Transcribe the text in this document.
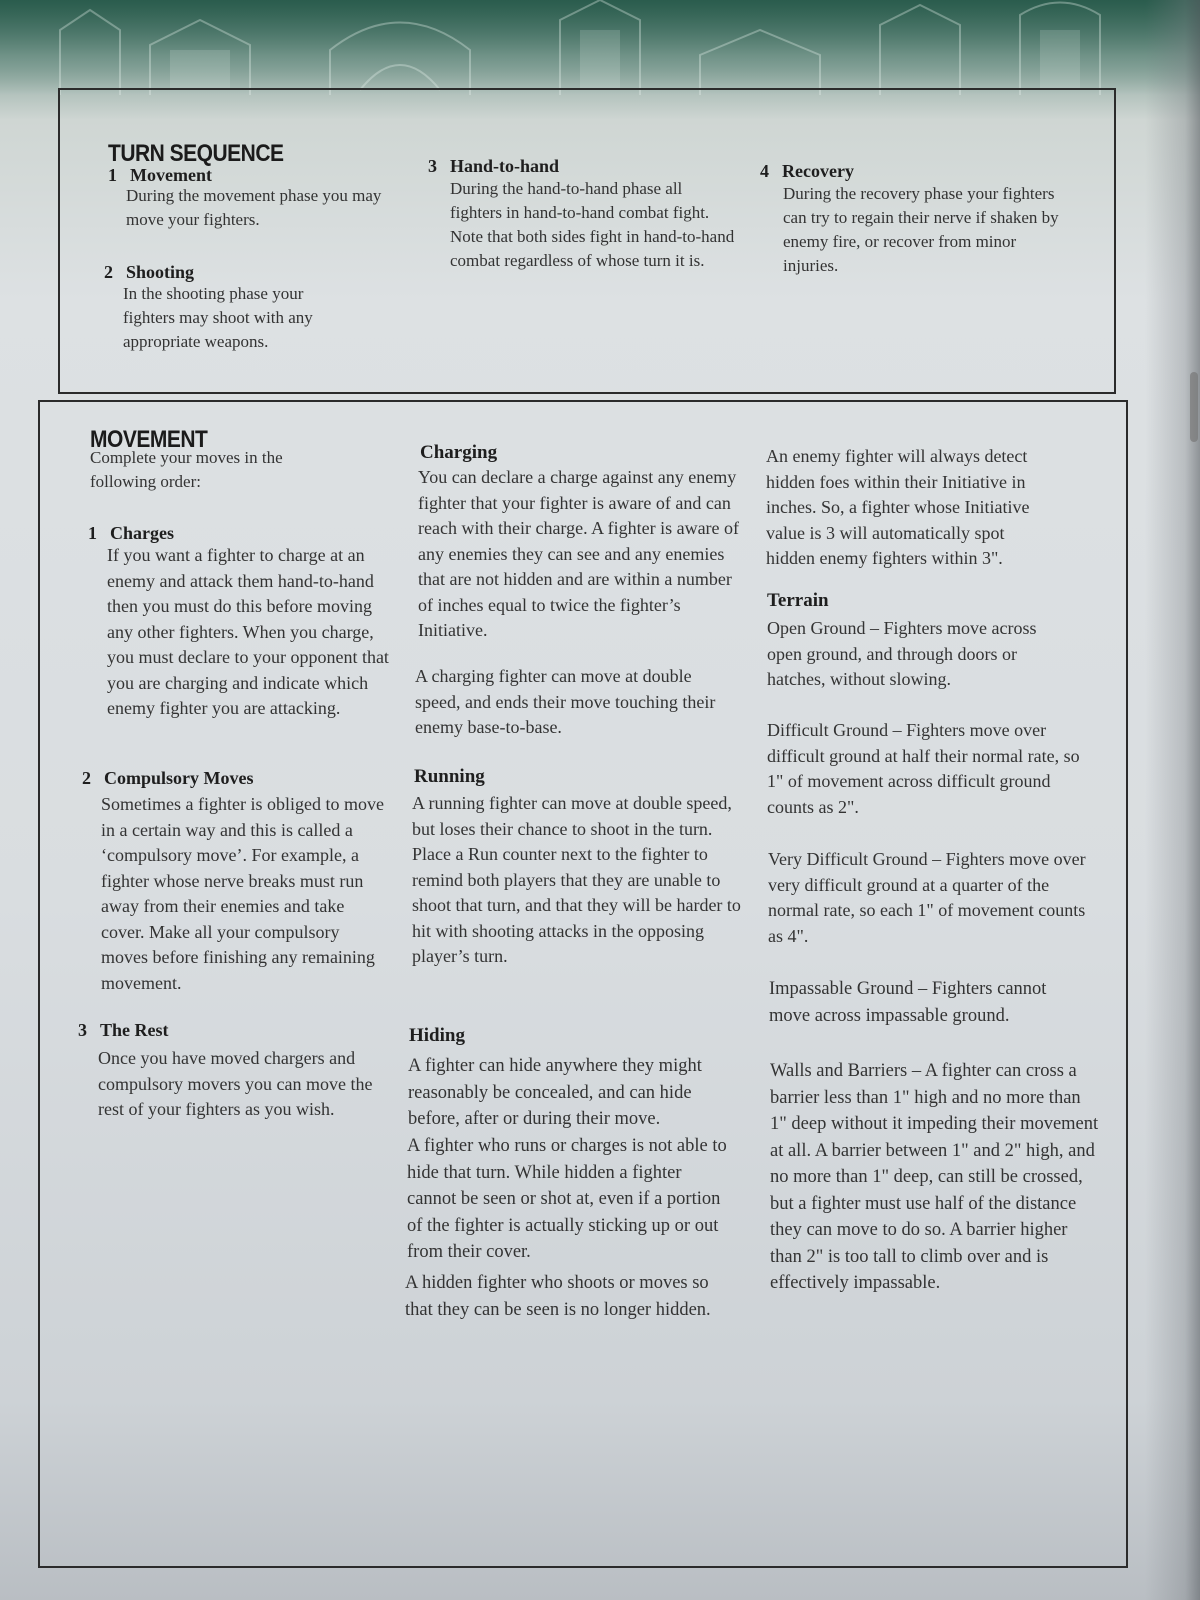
TURN SEQUENCE
1 Movement

During the movement phase you may move your fighters.

2 Shooting

In the shooting phase your fighters may shoot with any appropriate weapons.

3 Hand-to-hand

During the hand-to-hand phase all fighters in hand-to-hand combat fight. Note that both sides fight in hand-to-hand combat regardless of whose turn it is.

4 Recovery

During the recovery phase your fighters can try to regain their nerve if shaken by enemy fire, or recover from minor injuries.

MOVEMENT

Complete your moves in the following order:

1 Charges

If you want a fighter to charge at an enemy and attack them hand-to-hand then you must do this before moving any other fighters. When you charge, you must declare to your opponent that you are charging and indicate which enemy fighter you are attacking.

2 Compulsory Moves

Sometimes a fighter is obliged to move in a certain way and this is called a ‘compulsory move’. For example, a fighter whose nerve breaks must run away from their enemies and take cover. Make all your compulsory moves before finishing any remaining movement.

3 The Rest

Once you have moved chargers and compulsory movers you can move the rest of your fighters as you wish.

Charging

You can declare a charge against any enemy fighter that your fighter is aware of and can reach with their charge. A fighter is aware of any enemies they can see and any enemies that are not hidden and are within a number of inches equal to twice the fighter’s Initiative.

A charging fighter can move at double speed, and ends their move touching their enemy base-to-base.

Running

A running fighter can move at double speed, but loses their chance to shoot in the turn. Place a Run counter next to the fighter to remind both players that they are unable to shoot that turn, and that they will be harder to hit with shooting attacks in the opposing player’s turn.

Hiding

A fighter can hide anywhere they might reasonably be concealed, and can hide before, after or during their move.

A fighter who runs or charges is not able to hide that turn. While hidden a fighter cannot be seen or shot at, even if a portion of the fighter is actually sticking up or out from their cover.

A hidden fighter who shoots or moves so that they can be seen is no longer hidden.

An enemy fighter will always detect hidden foes within their Initiative in inches. So, a fighter whose Initiative value is 3 will automatically spot hidden enemy fighters within 3".

Terrain

Open Ground – Fighters move across open ground, and through doors or hatches, without slowing.

Difficult Ground – Fighters move over difficult ground at half their normal rate, so 1" of movement across difficult ground counts as 2".

Very Difficult Ground – Fighters move over very difficult ground at a quarter of the normal rate, so each 1" of movement counts as 4".

Impassable Ground – Fighters cannot move across impassable ground.

Walls and Barriers – A fighter can cross a barrier less than 1" high and no more than 1" deep without it impeding their movement at all. A barrier between 1" and 2" high, and no more than 1" deep, can still be crossed, but a fighter must use half of the distance they can move to do so. A barrier higher than 2" is too tall to climb over and is effectively impassable.
